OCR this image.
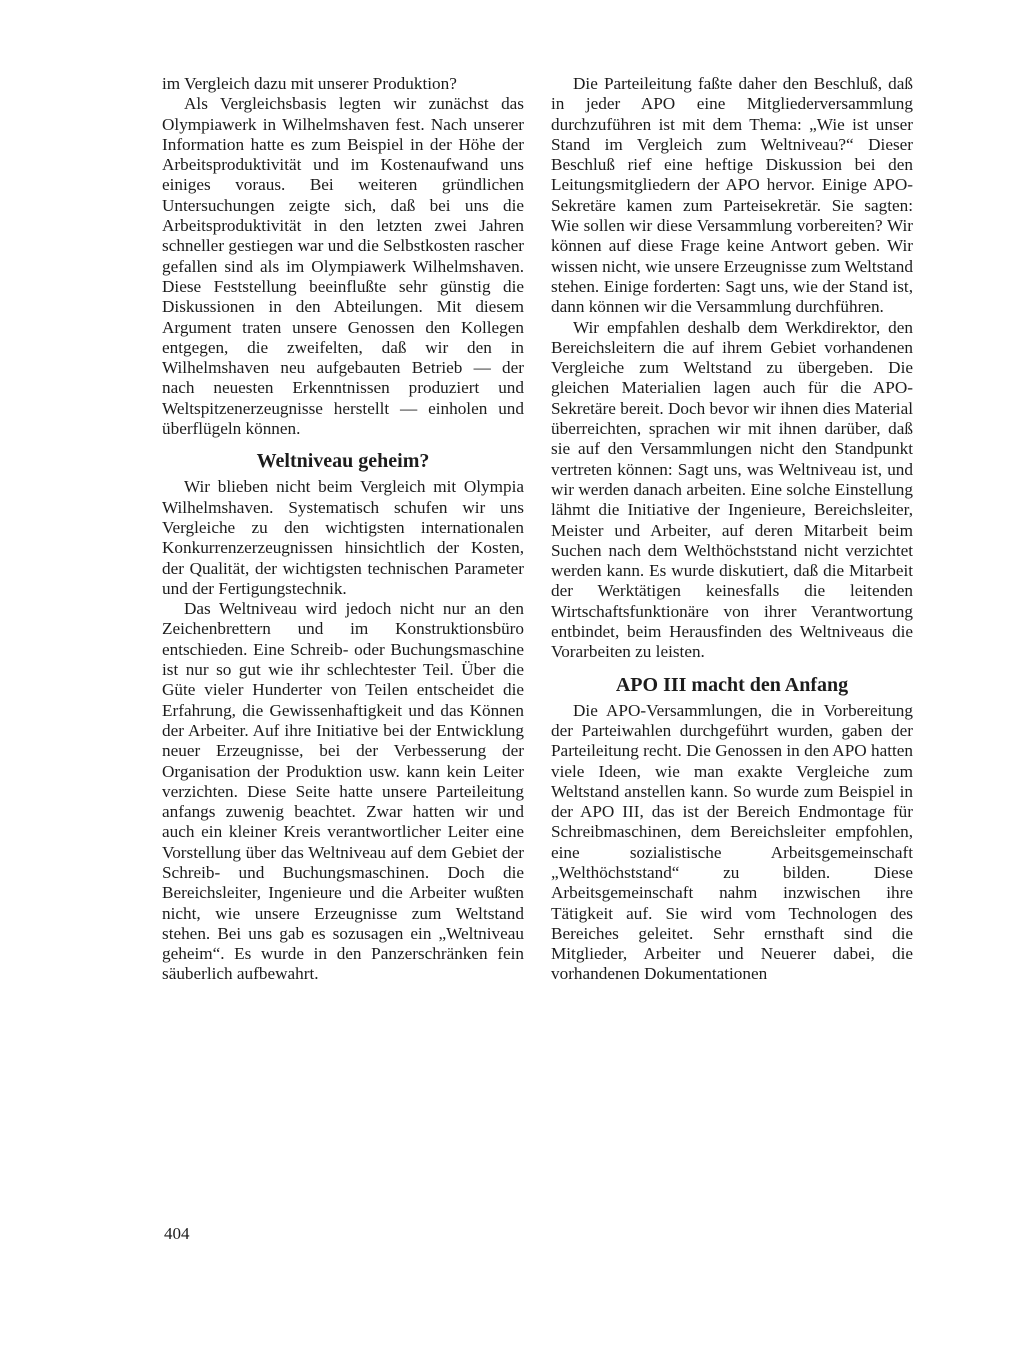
im Vergleich dazu mit unserer Produktion?

Als Vergleichsbasis legten wir zunächst das Olympiawerk in Wilhelmshaven fest. Nach unserer Information hatte es zum Beispiel in der Höhe der Arbeitsproduktivität und im Kostenaufwand uns einiges voraus. Bei weiteren gründlichen Untersuchungen zeigte sich, daß bei uns die Arbeitsproduktivität in den letzten zwei Jahren schneller gestiegen war und die Selbstkosten rascher gefallen sind als im Olympiawerk Wilhelmshaven. Diese Feststellung beeinflußte sehr günstig die Diskussionen in den Abteilungen. Mit diesem Argument traten unsere Genossen den Kollegen entgegen, die zweifelten, daß wir den in Wilhelmshaven neu aufgebauten Betrieb — der nach neuesten Erkenntnissen produziert und Weltspitzenerzeugnisse herstellt — einholen und überflügeln können.

Weltniveau geheim?

Wir blieben nicht beim Vergleich mit Olympia Wilhelmshaven. Systematisch schufen wir uns Vergleiche zu den wichtigsten internationalen Konkurrenzerzeugnissen hinsichtlich der Kosten, der Qualität, der wichtigsten technischen Parameter und der Fertigungstechnik.

Das Weltniveau wird jedoch nicht nur an den Zeichenbrettern und im Konstruktionsbüro entschieden. Eine Schreib- oder Buchungsmaschine ist nur so gut wie ihr schlechtester Teil. Über die Güte vieler Hunderter von Teilen entscheidet die Erfahrung, die Gewissenhaftigkeit und das Können der Arbeiter. Auf ihre Initiative bei der Entwicklung neuer Erzeugnisse, bei der Verbesserung der Organisation der Produktion usw. kann kein Leiter verzichten. Diese Seite hatte unsere Parteileitung anfangs zuwenig beachtet. Zwar hatten wir und auch ein kleiner Kreis verantwortlicher Leiter eine Vorstellung über das Weltniveau auf dem Gebiet der Schreib- und Buchungsmaschinen. Doch die Bereichsleiter, Ingenieure und die Arbeiter wußten nicht, wie unsere Erzeugnisse zum Weltstand stehen. Bei uns gab es sozusagen ein „Weltniveau geheim“. Es wurde in den Panzerschränken fein säuberlich aufbewahrt.

Die Parteileitung faßte daher den Beschluß, daß in jeder APO eine Mitgliederversammlung durchzuführen ist mit dem Thema: „Wie ist unser Stand im Vergleich zum Weltniveau?“ Dieser Beschluß rief eine heftige Diskussion bei den Leitungsmitgliedern der APO hervor. Einige APO-Sekretäre kamen zum Parteisekretär. Sie sagten: Wie sollen wir diese Versammlung vorbereiten? Wir können auf diese Frage keine Antwort geben. Wir wissen nicht, wie unsere Erzeugnisse zum Weltstand stehen. Einige forderten: Sagt uns, wie der Stand ist, dann können wir die Versammlung durchführen.

Wir empfahlen deshalb dem Werkdirektor, den Bereichsleitern die auf ihrem Gebiet vorhandenen Vergleiche zum Weltstand zu übergeben. Die gleichen Materialien lagen auch für die APO-Sekretäre bereit. Doch bevor wir ihnen dies Material überreichten, sprachen wir mit ihnen darüber, daß sie auf den Versammlungen nicht den Standpunkt vertreten können: Sagt uns, was Weltniveau ist, und wir werden danach arbeiten. Eine solche Einstellung lähmt die Initiative der Ingenieure, Bereichsleiter, Meister und Arbeiter, auf deren Mitarbeit beim Suchen nach dem Welthöchststand nicht verzichtet werden kann. Es wurde diskutiert, daß die Mitarbeit der Werktätigen keinesfalls die leitenden Wirtschaftsfunktionäre von ihrer Verantwortung entbindet, beim Herausfinden des Weltniveaus die Vorarbeiten zu leisten.

APO III macht den Anfang

Die APO-Versammlungen, die in Vorbereitung der Parteiwahlen durchgeführt wurden, gaben der Parteileitung recht. Die Genossen in den APO hatten viele Ideen, wie man exakte Vergleiche zum Weltstand anstellen kann. So wurde zum Beispiel in der APO III, das ist der Bereich Endmontage für Schreibmaschinen, dem Bereichsleiter empfohlen, eine sozialistische Arbeitsgemeinschaft „Welthöchststand“ zu bilden. Diese Arbeitsgemeinschaft nahm inzwischen ihre Tätigkeit auf. Sie wird vom Technologen des Bereiches geleitet. Sehr ernsthaft sind die Mitglieder, Arbeiter und Neuerer dabei, die vorhandenen Dokumentationen

404
